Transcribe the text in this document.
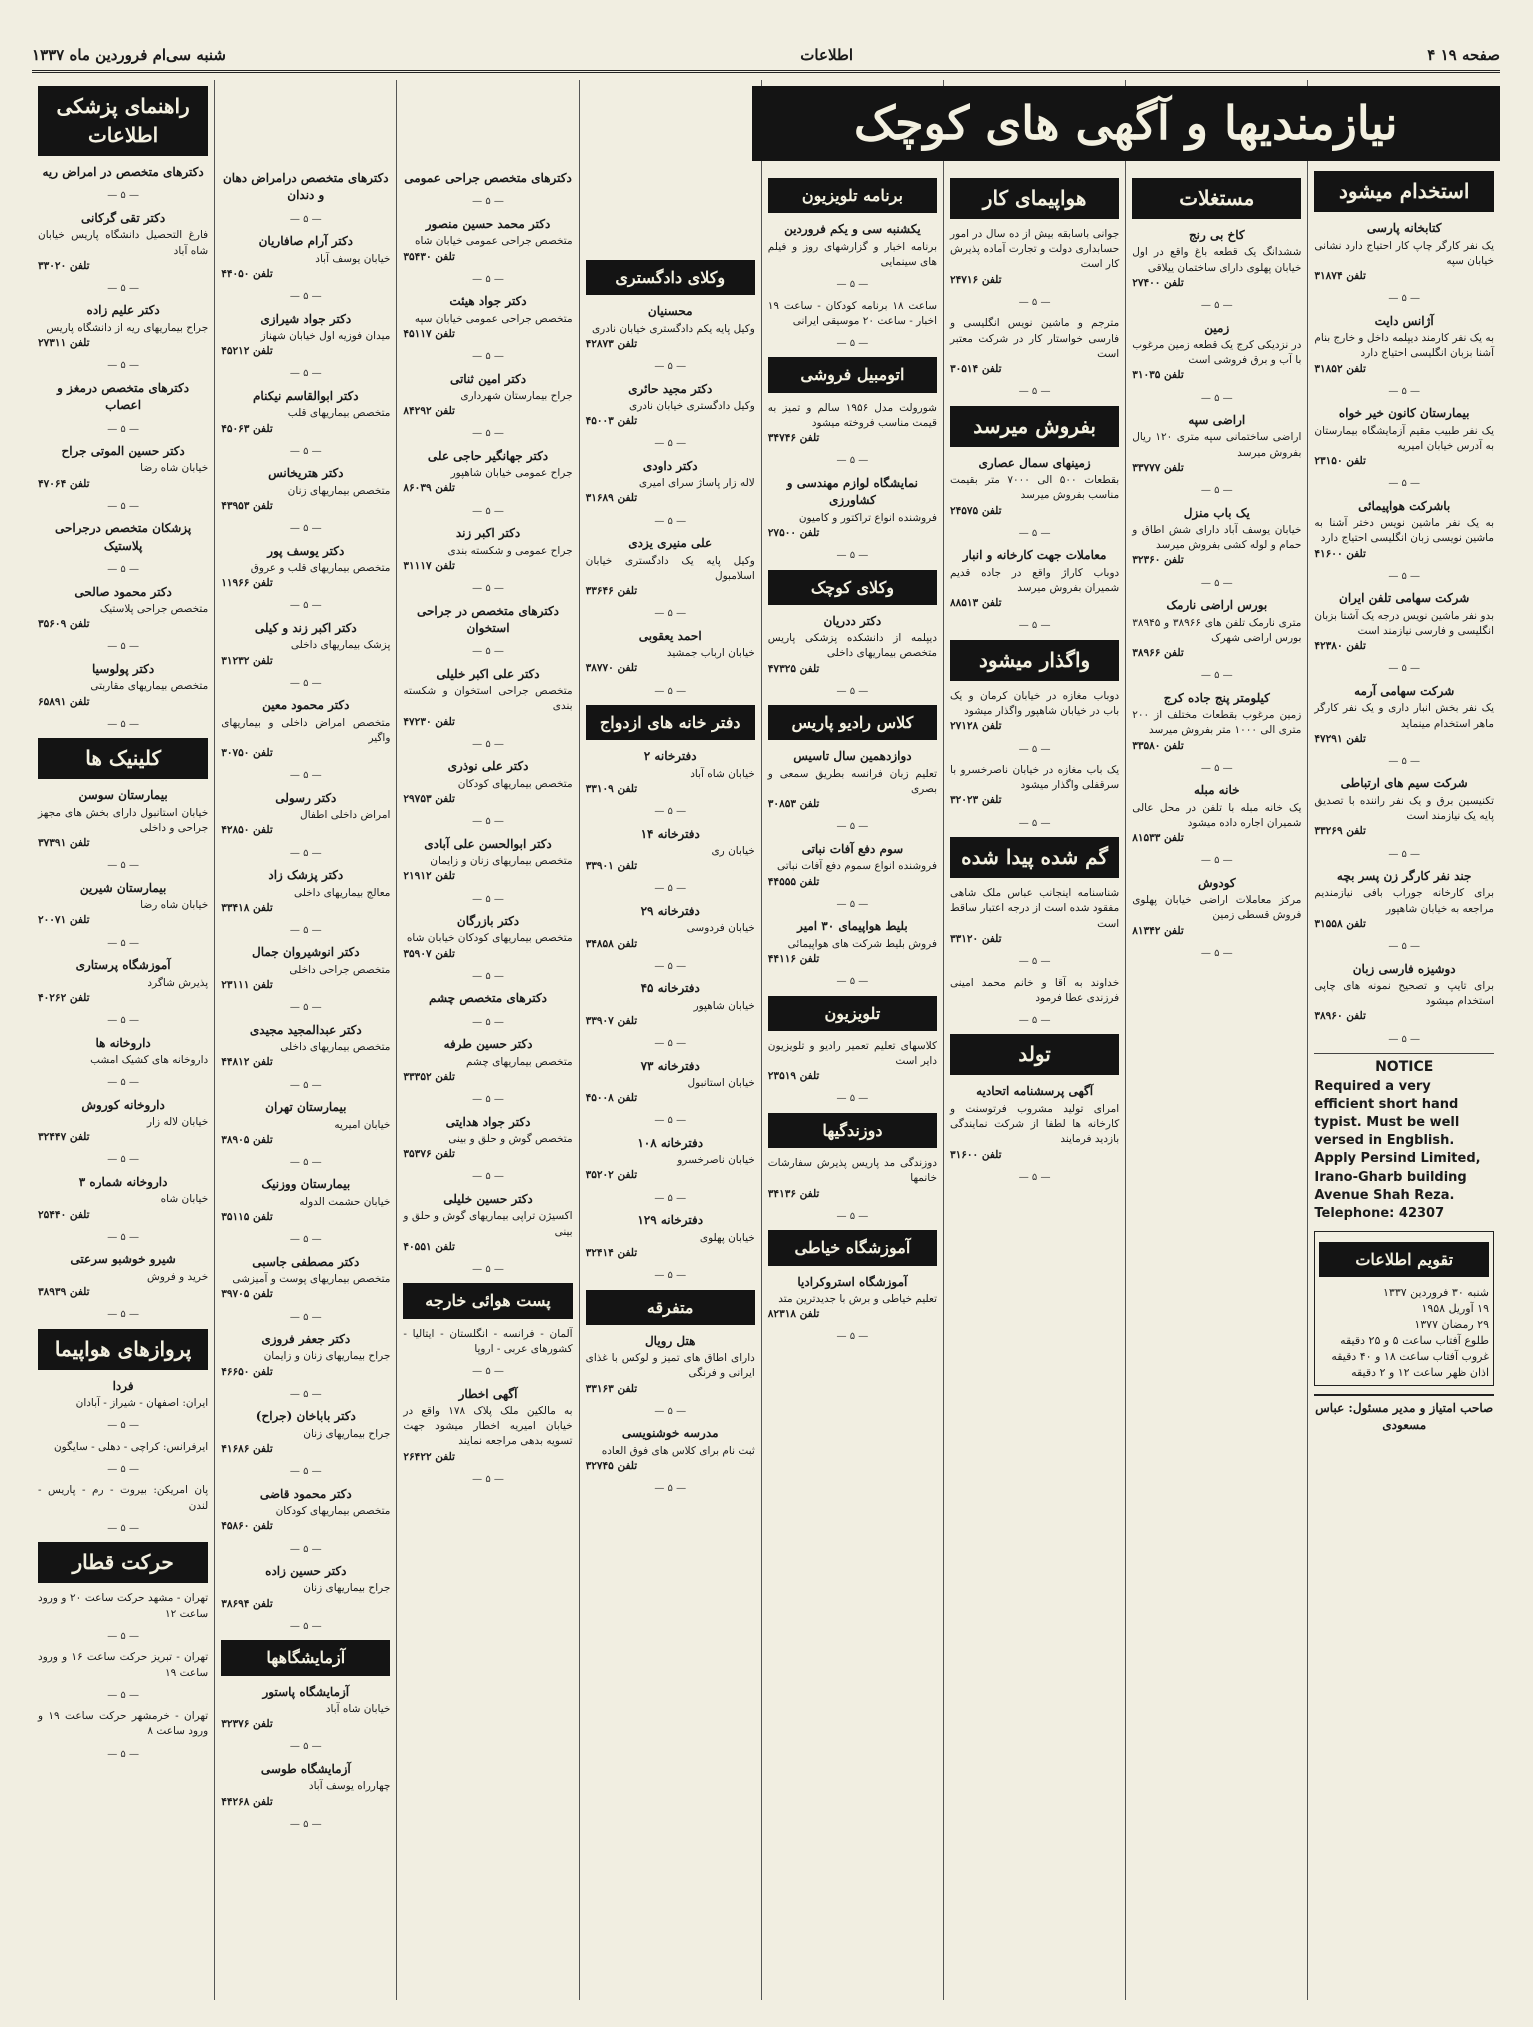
صفحه ۱۹ ۴
اطلاعات
شنبه سی‌ام فروردین ماه ۱۳۳۷
نیازمندیها و آگهی های کوچک
استخدام میشود
کتابخانه پارسی
یک نفر کارگر چاپ کار احتیاج دارد نشانی خیابان سپه
تلفن ۳۱۸۷۴
— ۵ —
آژانس دایت
به یک نفر کارمند دیپلمه داخل و خارج بنام آشنا بزبان انگلیسی احتیاج دارد
تلفن ۳۱۸۵۲
— ۵ —
بیمارستان کانون خیر خواه
یک نفر طبیب مقیم آزمایشگاه بیمارستان به آدرس خیابان امیریه
تلفن ۲۳۱۵۰
— ۵ —
باشرکت هواپیمائی
به یک نفر ماشین نویس دختر آشنا به ماشین نویسی زبان انگلیسی احتیاج دارد
تلفن ۴۱۶۰۰
— ۵ —
شرکت سهامی تلفن ایران
بدو نفر ماشین نویس درجه یک آشنا بزبان انگلیسی و فارسی نیازمند است
تلفن ۴۲۳۸۰
— ۵ —
شرکت سهامی آرمه
یک نفر بخش انبار داری و یک نفر کارگر ماهر استخدام مینماید
تلفن ۴۷۲۹۱
— ۵ —
شرکت سیم های ارتباطی
تکنیسین برق و یک نفر راننده با تصدیق پایه یک نیازمند است
تلفن ۳۳۲۶۹
— ۵ —
جند نفر کارگر زن پسر بچه
برای کارخانه جوراب بافی نیازمندیم مراجعه به خیابان شاهپور
تلفن ۳۱۵۵۸
— ۵ —
دوشیزه فارسی زبان
برای تایپ و تصحیح نمونه های چاپی استخدام میشود
تلفن ۳۸۹۶۰
— ۵ —
NOTICE
Required a very efficient short hand typist. Must be well versed in Engblish. Apply Persind Limited, Irano-Gharb building Avenue Shah Reza.
Telephone: 42307
تقویم اطلاعات
شنبه ۳۰ فروردین ۱۳۳۷
۱۹ آوریل ۱۹۵۸
۲۹ رمضان ۱۳۷۷
طلوع آفتاب ساعت ۵ و ۲۵ دقیقه
غروب آفتاب ساعت ۱۸ و ۴۰ دقیقه
اذان ظهر ساعت ۱۲ و ۲ دقیقه
صاحب امتیاز و مدیر مسئول: عباس مسعودی
مستغلات
کاخ بی رنج
ششدانگ یک قطعه باغ واقع در اول خیابان پهلوی دارای ساختمان ییلاقی
تلفن ۲۷۴۰۰
— ۵ —
زمین
در نزدیکی کرج یک قطعه زمین مرغوب با آب و برق فروشی است
تلفن ۳۱۰۳۵
— ۵ —
اراضی سپه
اراضی ساختمانی سپه متری ۱۲۰ ریال بفروش میرسد
تلفن ۳۳۷۷۷
— ۵ —
یک باب منزل
خیابان یوسف آباد دارای شش اطاق و حمام و لوله کشی بفروش میرسد
تلفن ۳۲۳۶۰
— ۵ —
بورس اراضی نارمک
متری نارمک تلفن های ۳۸۹۶۶ و ۳۸۹۴۵ بورس اراضی شهرک
تلفن ۳۸۹۶۶
— ۵ —
کیلومتر پنج جاده کرج
زمین مرغوب بقطعات مختلف از ۲۰۰ متری الی ۱۰۰۰ متر بفروش میرسد
تلفن ۳۳۵۸۰
— ۵ —
خانه مبله
یک خانه مبله با تلفن در محل عالی شمیران اجاره داده میشود
تلفن ۸۱۵۳۳
— ۵ —
کودوش
مرکز معاملات اراضی خیابان پهلوی فروش قسطی زمین
تلفن ۸۱۳۴۲
— ۵ —
هواپیمای کار
جوانی باسابقه بیش از ده سال در امور حسابداری دولت و تجارت آماده پذیرش کار است
تلفن ۲۴۷۱۶
— ۵ —
مترجم و ماشین نویس انگلیسی و فارسی خواستار کار در شرکت معتبر است
تلفن ۳۰۵۱۴
— ۵ —
بفروش میرسد
زمینهای سمال عصاری
بقطعات ۵۰۰ الی ۷۰۰۰ متر بقیمت مناسب بفروش میرسد
تلفن ۲۴۵۷۵
— ۵ —
معاملات جهت کارخانه و انبار
دوباب کاراژ واقع در جاده قدیم شمیران بفروش میرسد
تلفن ۸۸۵۱۳
— ۵ —
واگذار میشود
دوباب مغازه در خیابان کرمان و یک باب در خیابان شاهپور واگذار میشود
تلفن ۲۷۱۲۸
— ۵ —
یک باب مغازه در خیابان ناصرخسرو با سرقفلی واگذار میشود
تلفن ۳۲۰۲۳
— ۵ —
گم شده پیدا شده
شناسنامه اینجانب عباس ملک شاهی مفقود شده است از درجه اعتبار ساقط است
تلفن ۳۳۱۲۰
— ۵ —
خداوند به آقا و خانم محمد امینی فرزندی عطا فرمود
— ۵ —
تولد
آگهی پرسشنامه اتحادیه
امرای تولید مشروب فرتوسنت و کارخانه ها لطفا از شرکت نمایندگی بازدید فرمایند
تلفن ۳۱۶۰۰
— ۵ —
برنامه تلویزیون
یکشنبه سی و یکم فروردین
برنامه اخبار و گزارشهای روز و فیلم های سینمایی
— ۵ —
ساعت ۱۸ برنامه کودکان - ساعت ۱۹ اخبار - ساعت ۲۰ موسیقی ایرانی
— ۵ —
اتومبیل فروشی
شورولت مدل ۱۹۵۶ سالم و تمیز به قیمت مناسب فروخته میشود
تلفن ۳۴۷۴۶
— ۵ —
نمایشگاه لوازم مهندسی و کشاورزی
فروشنده انواع تراکتور و کامیون
تلفن ۲۷۵۰۰
— ۵ —
وکلای کوچک
دکتر ددریان
دیپلمه از دانشکده پزشکی پاریس متخصص بیماریهای داخلی
تلفن ۴۷۳۲۵
— ۵ —
کلاس رادیو پاریس
دوازدهمین سال تاسیس
تعلیم زبان فرانسه بطریق سمعی و بصری
تلفن ۳۰۸۵۳
— ۵ —
سوم دفع آفات نباتی
فروشنده انواع سموم دفع آفات نباتی
تلفن ۴۴۵۵۵
— ۵ —
بلیط هواپیمای ۳۰ امیر
فروش بلیط شرکت های هواپیمائی
تلفن ۴۴۱۱۶
— ۵ —
تلویزیون
کلاسهای تعلیم تعمیر رادیو و تلویزیون دایر است
تلفن ۲۳۵۱۹
— ۵ —
دوزندگیها
دوزندگی مد پاریس پذیرش سفارشات خانمها
تلفن ۳۴۱۳۶
— ۵ —
آموزشگاه خیاطی
آموزشگاه استروکرادیا
تعلیم خیاطی و برش با جدیدترین متد
تلفن ۸۲۳۱۸
— ۵ —
وکلای دادگستری
محسنیان
وکیل پایه یکم دادگستری خیابان نادری
تلفن ۴۲۸۷۳
— ۵ —
دکتر مجید حائری
وکیل دادگستری خیابان نادری
تلفن ۴۵۰۰۳
— ۵ —
دکتر داودی
لاله زار پاساژ سرای امیری
تلفن ۳۱۶۸۹
— ۵ —
علی منیری یزدی
وکیل پایه یک دادگستری خیابان اسلامبول
تلفن ۳۳۶۴۶
— ۵ —
احمد یعقوبی
خیابان ارباب جمشید
تلفن ۳۸۷۷۰
— ۵ —
دفتر خانه های ازدواج
دفترخانه ۲
خیابان شاه آباد
تلفن ۳۳۱۰۹
— ۵ —
دفترخانه ۱۴
خیابان ری
تلفن ۳۳۹۰۱
— ۵ —
دفترخانه ۲۹
خیابان فردوسی
تلفن ۳۴۸۵۸
— ۵ —
دفترخانه ۴۵
خیابان شاهپور
تلفن ۳۳۹۰۷
— ۵ —
دفترخانه ۷۳
خیابان استانبول
تلفن ۴۵۰۰۸
— ۵ —
دفترخانه ۱۰۸
خیابان ناصرخسرو
تلفن ۳۵۲۰۲
— ۵ —
دفترخانه ۱۲۹
خیابان پهلوی
تلفن ۳۲۴۱۴
— ۵ —
متفرقه
هتل رویال
دارای اطاق های تمیز و لوکس با غذای ایرانی و فرنگی
تلفن ۳۳۱۶۳
— ۵ —
مدرسه خوشنویسی
ثبت نام برای کلاس های فوق العاده
تلفن ۳۲۷۴۵
— ۵ —
دکترهای متخصص جراحی عمومی
— ۵ —
دکتر محمد حسین منصور
متخصص جراحی عمومی خیابان شاه
تلفن ۳۵۴۳۰
— ۵ —
دکتر جواد هیئت
متخصص جراحی عمومی خیابان سپه
تلفن ۴۵۱۱۷
— ۵ —
دکتر امین ثناتی
جراح بیمارستان شهرداری
تلفن ۸۴۲۹۲
— ۵ —
دکتر جهانگیر حاجی علی
جراح عمومی خیابان شاهپور
تلفن ۸۶۰۳۹
— ۵ —
دکتر اکبر زند
جراح عمومی و شکسته بندی
تلفن ۳۱۱۱۷
— ۵ —
دکترهای متخصص در جراحی استخوان
— ۵ —
دکتر علی اکبر خلیلی
متخصص جراحی استخوان و شکسته بندی
تلفن ۴۷۲۳۰
— ۵ —
دکتر علی نوذری
متخصص بیماریهای کودکان
تلفن ۲۹۷۵۳
— ۵ —
دکتر ابوالحسن علی آبادی
متخصص بیماریهای زنان و زایمان
تلفن ۲۱۹۱۲
— ۵ —
دکتر بازرگان
متخصص بیماریهای کودکان خیابان شاه
تلفن ۳۵۹۰۷
— ۵ —
دکترهای متخصص چشم
— ۵ —
دکتر حسین طرفه
متخصص بیماریهای چشم
تلفن ۳۳۳۵۲
— ۵ —
دکتر جواد هدایتی
متخصص گوش و حلق و بینی
تلفن ۳۵۳۷۶
— ۵ —
دکتر حسین خلیلی
اکسیژن تراپی بیماریهای گوش و حلق و بینی
تلفن ۴۰۵۵۱
— ۵ —
پست هوائی خارجه
آلمان - فرانسه - انگلستان - ایتالیا - کشورهای عربی - اروپا
— ۵ —
آگهی اخطار
به مالکین ملک پلاک ۱۷۸ واقع در خیابان امیریه اخطار میشود جهت تسویه بدهی مراجعه نمایند
تلفن ۲۶۴۲۲
— ۵ —
دکترهای متخصص درامراض دهان و دندان
— ۵ —
دکتر آرام صافاریان
خیابان یوسف آباد
تلفن ۴۴۰۵۰
— ۵ —
دکتر جواد شیرازی
میدان فوزیه اول خیابان شهناز
تلفن ۴۵۲۱۲
— ۵ —
دکتر ابوالقاسم نیکنام
متخصص بیماریهای قلب
تلفن ۴۵۰۶۳
— ۵ —
دکتر هتریخانس
متخصص بیماریهای زنان
تلفن ۴۳۹۵۳
— ۵ —
دکتر یوسف پور
متخصص بیماریهای قلب و عروق
تلفن ۱۱۹۶۶
— ۵ —
دکتر اکبر زند و کیلی
پزشک بیماریهای داخلی
تلفن ۳۱۲۳۲
— ۵ —
دکتر محمود معین
متخصص امراض داخلی و بیماریهای واگیر
تلفن ۳۰۷۵۰
— ۵ —
دکتر رسولی
امراض داخلی اطفال
تلفن ۴۲۸۵۰
— ۵ —
دکتر پزشک زاد
معالج بیماریهای داخلی
تلفن ۳۳۴۱۸
— ۵ —
دکتر انوشیروان جمال
متخصص جراحی داخلی
تلفن ۲۳۱۱۱
— ۵ —
دکتر عبدالمجید مجیدی
متخصص بیماریهای داخلی
تلفن ۴۴۸۱۲
— ۵ —
بیمارستان تهران
خیابان امیریه
تلفن ۳۸۹۰۵
— ۵ —
بیمارستان ووزنیک
خیابان حشمت الدوله
تلفن ۳۵۱۱۵
— ۵ —
دکتر مصطفی جاسبی
متخصص بیماریهای پوست و آمیزشی
تلفن ۳۹۷۰۵
— ۵ —
دکتر جعفر فروزی
جراح بیماریهای زنان و زایمان
تلفن ۴۶۶۵۰
— ۵ —
دکتر باباخان (جراح)
جراح بیماریهای زنان
تلفن ۴۱۶۸۶
— ۵ —
دکتر محمود قاضی
متخصص بیماریهای کودکان
تلفن ۴۵۸۶۰
— ۵ —
دکتر حسین زاده
جراح بیماریهای زنان
تلفن ۳۸۶۹۴
— ۵ —
آزمایشگاهها
آزمایشگاه پاستور
خیابان شاه آباد
تلفن ۳۲۳۷۶
— ۵ —
آزمایشگاه طوسی
چهارراه یوسف آباد
تلفن ۴۴۲۶۸
— ۵ —
راهنمای پزشکی اطلاعات
دکترهای متخصص در امراض ریه
— ۵ —
دکتر تقی گرکانی
فارغ التحصیل دانشگاه پاریس خیابان شاه آباد
تلفن ۳۳۰۲۰
— ۵ —
دکتر علیم زاده
جراح بیماریهای ریه از دانشگاه پاریس
تلفن ۲۷۳۱۱
— ۵ —
دکترهای متخصص درمغز و اعصاب
— ۵ —
دکتر حسین الموتی جراح
خیابان شاه رضا
تلفن ۴۷۰۶۴
— ۵ —
پزشکان متخصص درجراحی پلاستیک
— ۵ —
دکتر محمود صالحی
متخصص جراحی پلاستیک
تلفن ۳۵۶۰۹
— ۵ —
دکتر پولوسیا
متخصص بیماریهای مقاربتی
تلفن ۶۵۸۹۱
— ۵ —
کلینیک ها
بیمارستان سوسن
خیابان استانبول دارای بخش های مجهز جراحی و داخلی
تلفن ۳۷۳۹۱
— ۵ —
بیمارستان شیرین
خیابان شاه رضا
تلفن ۲۰۰۷۱
— ۵ —
آموزشگاه پرستاری
پذیرش شاگرد
تلفن ۴۰۲۶۲
— ۵ —
داروخانه ها
داروخانه های کشیک امشب
— ۵ —
داروخانه کوروش
خیابان لاله زار
تلفن ۳۲۴۴۷
— ۵ —
داروخانه شماره ۳
خیابان شاه
تلفن ۲۵۴۴۰
— ۵ —
شیرو خوشبو سرعتی
خرید و فروش
تلفن ۳۸۹۳۹
— ۵ —
پروازهای هواپیما
فردا
ایران: اصفهان - شیراز - آبادان
— ۵ —
ایرفرانس: کراچی - دهلی - سایگون
— ۵ —
پان امریکن: بیروت - رم - پاریس - لندن
— ۵ —
حرکت قطار
تهران - مشهد حرکت ساعت ۲۰ و ورود ساعت ۱۲
— ۵ —
تهران - تبریز حرکت ساعت ۱۶ و ورود ساعت ۱۹
— ۵ —
تهران - خرمشهر حرکت ساعت ۱۹ و ورود ساعت ۸
— ۵ —
